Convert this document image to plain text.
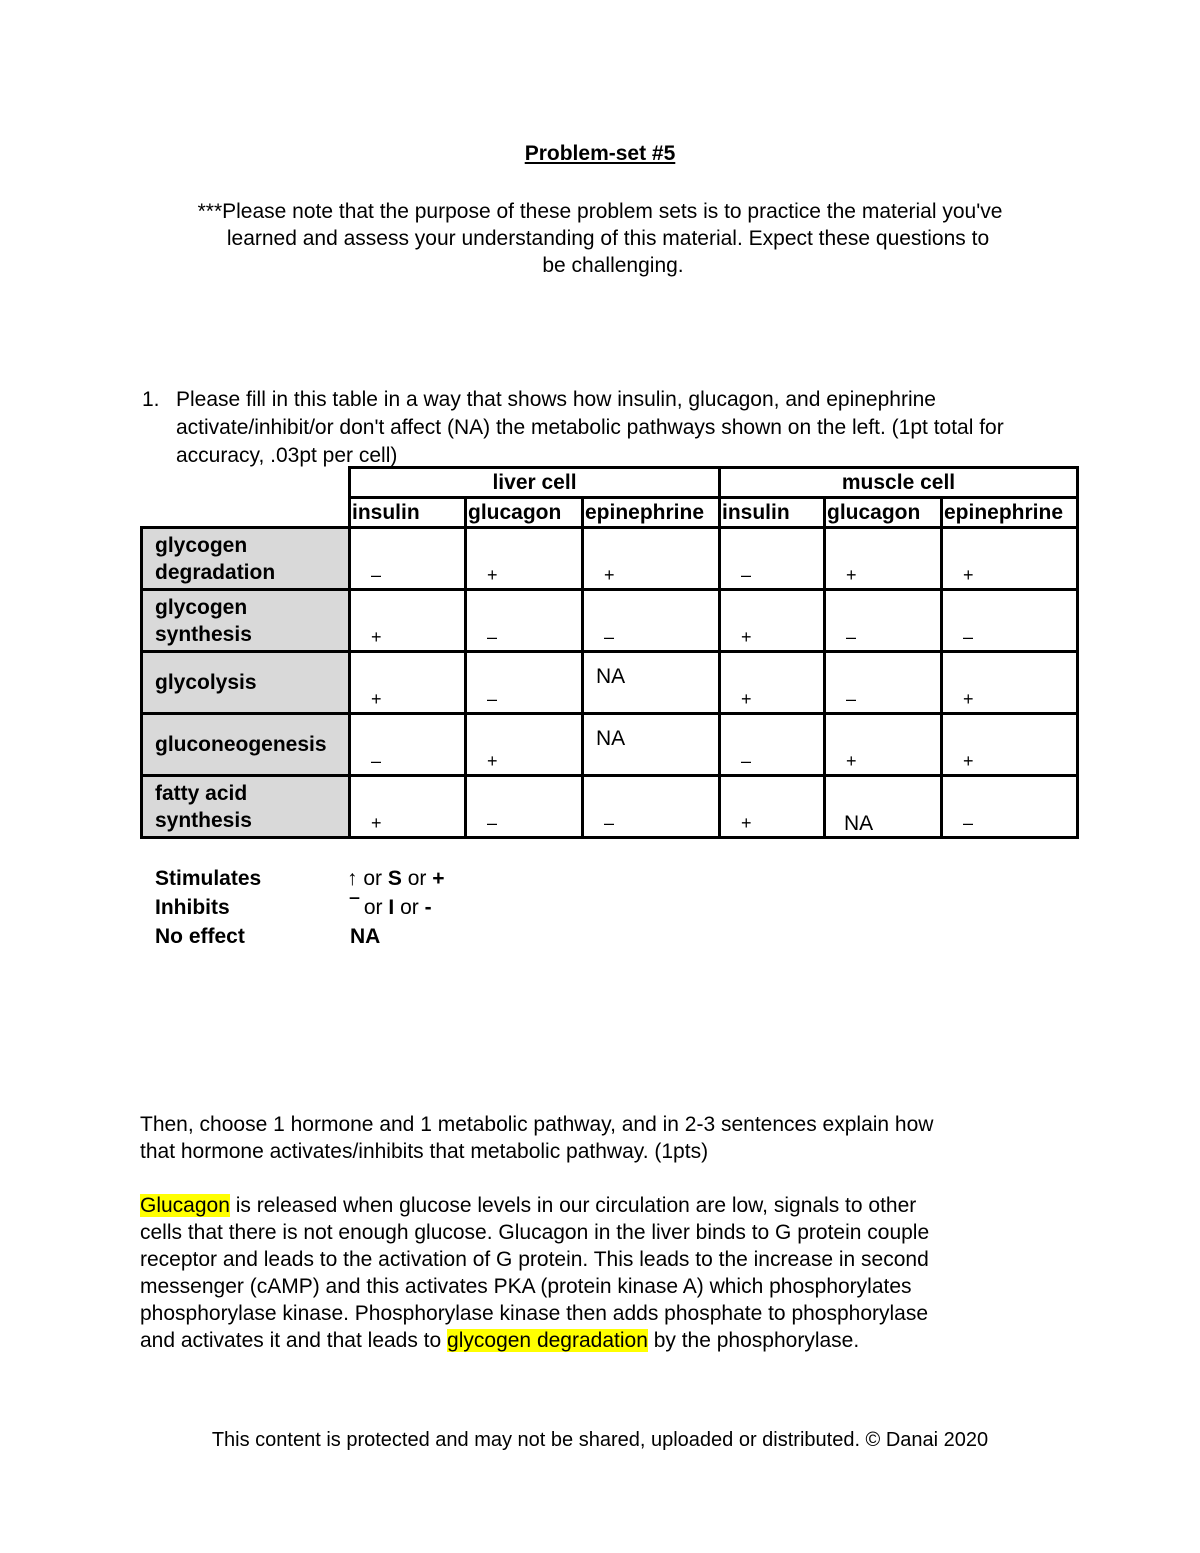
Problem-set #5
***Please note that the purpose of these problem sets is to practice the material you've
learned and assess your understanding of this material. Expect these questions to
be challenging.
1. Please fill in this table in a way that shows how insulin, glucagon, and epinephrine activate/inhibit/or don't affect (NA) the metabolic pathways shown on the left. (1pt total for accuracy, .03pt per cell)
	liver cell			muscle cell		
	insulin	glucagon	epinephrine	insulin	glucagon	epinephrine
glycogen degradation	–	+	+	–	+	+

glycogen synthesis	+	–	–	+	–	–

glycolysis	+	–	NA	+	–	+

gluconeogenesis	–	+	NA	–	+	+

fatty acid synthesis	+	–	–	+	NA	–
Stimulates	↑ or S or +
Inhibits	‾ or I or -
No effect	NA
Then, choose 1 hormone and 1 metabolic pathway, and in 2-3 sentences explain how
that hormone activates/inhibits that metabolic pathway. (1pts)
Glucagon is released when glucose levels in our circulation are low, signals to other
cells that there is not enough glucose. Glucagon in the liver binds to G protein couple
receptor and leads to the activation of G protein. This leads to the increase in second
messenger (cAMP) and this activates PKA (protein kinase A) which phosphorylates
phosphorylase kinase. Phosphorylase kinase then adds phosphate to phosphorylase
and activates it and that leads to glycogen degradation by the phosphorylase.
This content is protected and may not be shared, uploaded or distributed. © Danai 2020
